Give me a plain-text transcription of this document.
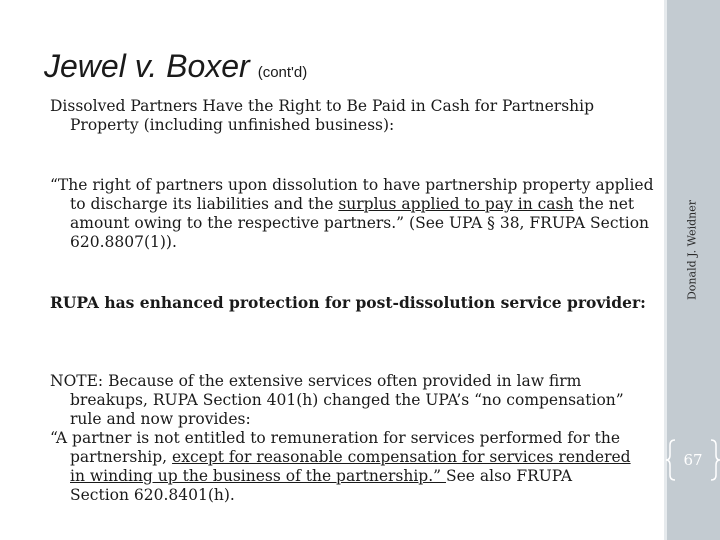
Jewel v. Boxer (cont'd)
Dissolved Partners Have the Right to Be Paid in Cash for Partnership Property (including unfinished business):
“The right of partners upon dissolution to have partnership property applied to discharge its liabilities and the surplus applied to pay in cash the net amount owing to the respective partners.” (See UPA § 38, FRUPA Section 620.8807(1)).
RUPA has enhanced protection for post-dissolution service provider:

NOTE: Because of the extensive services often provided in law firm breakups, RUPA Section 401(h) changed the UPA’s “no compensation” rule and now provides:

“A partner is not entitled to remuneration for services performed for the partnership, except for reasonable compensation for services rendered in winding up the business of the partnership.” See also FRUPA Section 620.8401(h).

Donald J. Weidner
67
